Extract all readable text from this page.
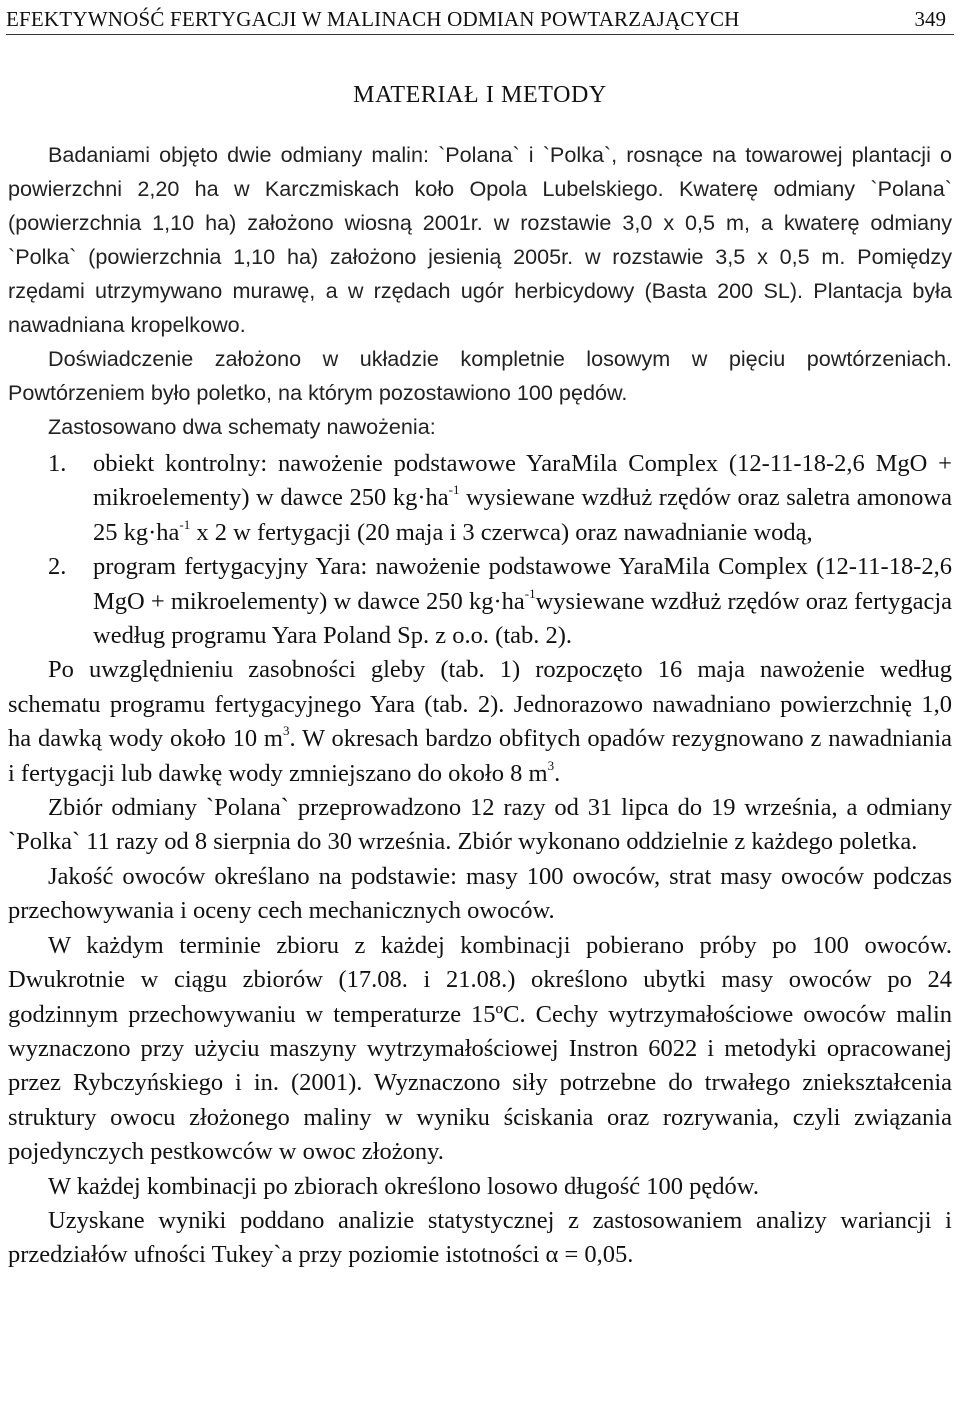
EFEKTYWNOŚĆ FERTYGACJI W MALINACH ODMIAN POWTARZAJĄCYCH	349
MATERIAŁ I METODY

Badaniami objęto dwie odmiany malin: `Polana` i `Polka`, rosnące na towarowej plantacji o powierzchni 2,20 ha w Karczmiskach koło Opola Lubelskiego. Kwaterę odmiany `Polana` (powierzchnia 1,10 ha) założono wiosną 2001r. w rozstawie 3,0 x 0,5 m, a kwaterę odmiany `Polka` (powierzchnia 1,10 ha) założono jesienią 2005r. w rozstawie 3,5 x 0,5 m. Pomiędzy rzędami utrzymywano murawę, a w rzędach ugór herbicydowy (Basta 200 SL). Plantacja była nawadniana kropelkowo.

Doświadczenie założono w układzie kompletnie losowym w pięciu powtórzeniach. Powtórzeniem było poletko, na którym pozostawiono 100 pędów.

Zastosowano dwa schematy nawożenia:

1. obiekt kontrolny: nawożenie podstawowe YaraMila Complex (12-11-18-2,6 MgO + mikroelementy) w dawce 250 $kg\cdot ha^{-1}$ wysiewane wzdłuż rzędów oraz saletra amonowa 25 $kg\cdot ha^{-1}$ x 2 w fertygacji (20 maja i 3 czerwca) oraz nawadnianie wodą,
2. program fertygacyjny Yara: nawożenie podstawowe YaraMila Complex (12-11-18-2,6 MgO + mikroelementy) w dawce 250 $kg\cdot ha^{-1}wysiewane$ wzdłuż rzędów oraz fertygacja według programu Yara Poland Sp. z o.o. (tab. 2).

Po uwzględnieniu zasobności gleby (tab. 1) rozpoczęto 16 maja nawożenie według schematu programu fertygacyjnego Yara (tab. 2). Jednorazowo nawadniano powierzchnię 1,0 ha dawką wody około 10 $m^3$. W okresach bardzo obfitych opadów rezygnowano z nawadniania i fertygacji lub dawkę wody zmniejszano do około 8 $m^3$.

Zbiór odmiany `Polana` przeprowadzono 12 razy od 31 lipca do 19 września, a odmiany `Polka` 11 razy od 8 sierpnia do 30 września. Zbiór wykonano oddzielnie z każdego poletka.

Jakość owoców określano na podstawie: masy 100 owoców, strat masy owoców podczas przechowywania i oceny cech mechanicznych owoców.

W każdym terminie zbioru z każdej kombinacji pobierano próby po 100 owoców. Dwukrotnie w ciągu zbiorów (17.08. i 21.08.) określono ubytki masy owoców po 24 godzinnym przechowywaniu w temperaturze 15ºC. Cechy wytrzymałościowe owoców malin wyznaczono przy użyciu maszyny wytrzymałościowej Instron 6022 i metodyki opracowanej przez Rybczyńskiego i in. (2001). Wyznaczono siły potrzebne do trwałego zniekształcenia struktury owocu złożonego maliny w wyniku ściskania oraz rozrywania, czyli związania pojedynczych pestkowców w owoc złożony.

W każdej kombinacji po zbiorach określono losowo długość 100 pędów.

Uzyskane wyniki poddano analizie statystycznej z zastosowaniem analizy wariancji i przedziałów ufności Tukey`a przy poziomie istotności α = 0,05.
